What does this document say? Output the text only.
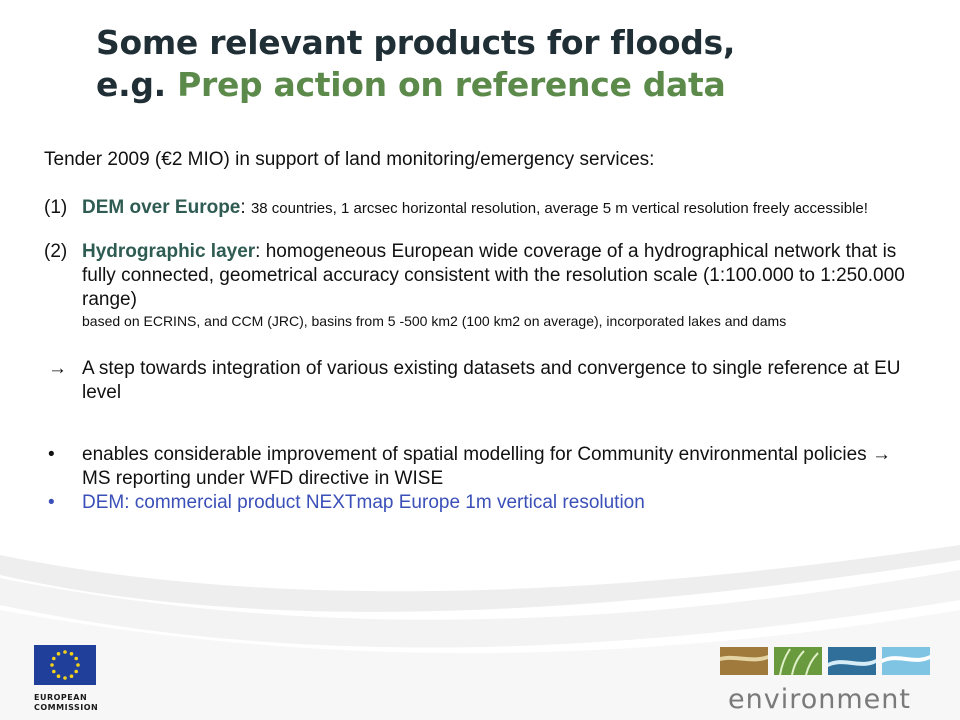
Some relevant products for floods,
e.g. Prep action on reference data

Tender 2009 (€2 MIO) in support of land monitoring/emergency services:

(1) DEM over Europe: 38 countries, 1 arcsec horizontal resolution, average 5 m vertical resolution freely accessible!
(2) Hydrographic layer: homogeneous European wide coverage of a hydrographical network that is fully connected, geometrical accuracy consistent with the resolution scale (1:100.000 to 1:250.000 range)
based on ECRINS, and CCM (JRC), basins from 5 -500 km2 (100 km2 on average), incorporated lakes and dams
→ A step towards integration of various existing datasets and convergence to single reference at EU level
• enables considerable improvement of spatial modelling for Community environmental policies → MS reporting under WFD directive in WISE
• DEM: commercial product NEXTmap Europe 1m vertical resolution
EUROPEAN
COMMISSION	environment
